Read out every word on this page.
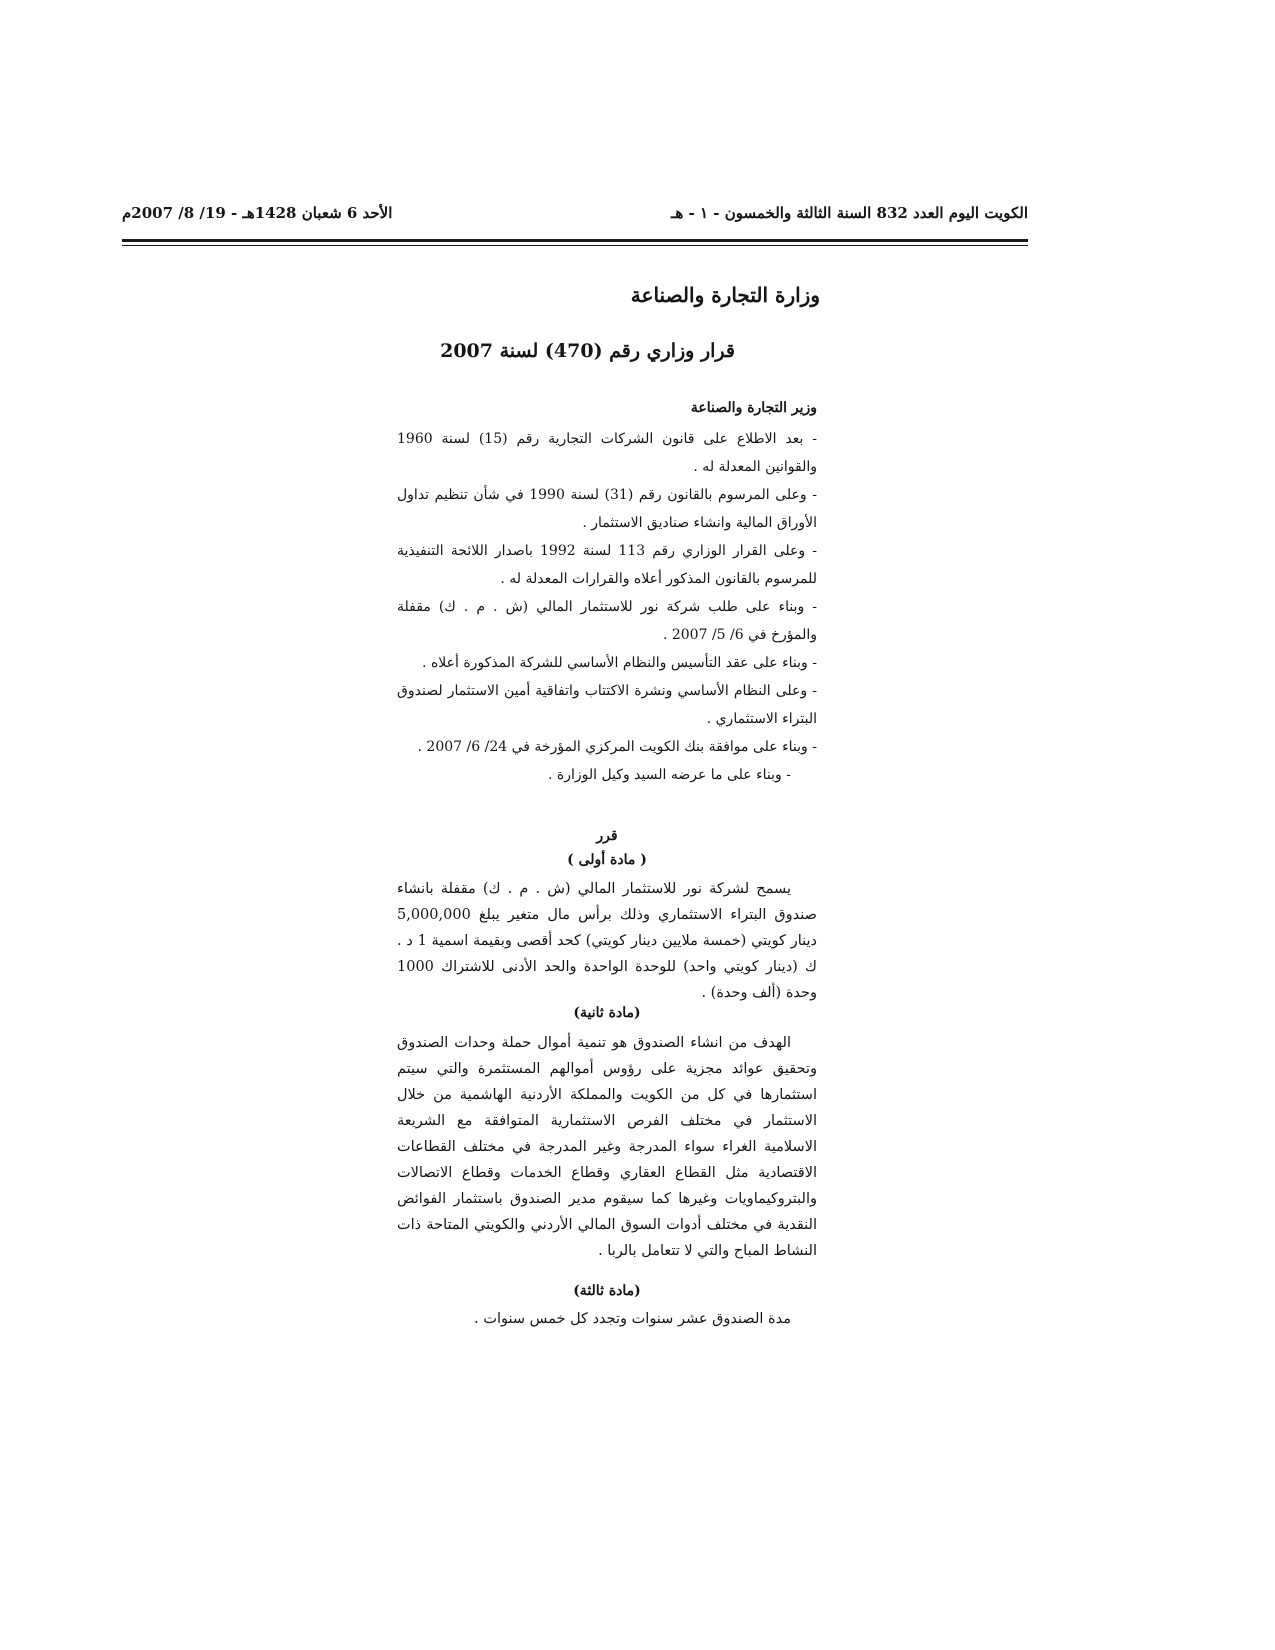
الكويت اليوم العدد 832 السنة الثالثة والخمسون - ١ - هـ
الأحد 6 شعبان 1428هـ - 19/ 8/ 2007م
وزارة التجارة والصناعة
قرار وزاري رقم (470) لسنة 2007
وزير التجارة والصناعة

- بعد الاطلاع على قانون الشركات التجارية رقم (15) لسنة 1960 والقوانين المعدلة له .

- وعلى المرسوم بالقانون رقم (31) لسنة 1990 في شأن تنظيم تداول الأوراق المالية وانشاء صناديق الاستثمار .

- وعلى القرار الوزاري رقم 113 لسنة 1992 باصدار اللائحة التنفيذية للمرسوم بالقانون المذكور أعلاه والقرارات المعدلة له .

- وبناء على طلب شركة نور للاستثمار المالي (ش . م . ك) مقفلة والمؤرخ في 6/ 5/ 2007 .

- وبناء على عقد التأسيس والنظام الأساسي للشركة المذكورة أعلاه .

- وعلى النظام الأساسي ونشرة الاكتتاب واتفاقية أمين الاستثمار لصندوق البتراء الاستثماري .

- وبناء على موافقة بنك الكويت المركزي المؤرخة في 24/ 6/ 2007 .

- وبناء على ما عرضه السيد وكيل الوزارة .

قرر
( مادة أولى )

يسمح لشركة نور للاستثمار المالي (ش . م . ك) مقفلة بانشاء صندوق البتراء الاستثماري وذلك برأس مال متغير يبلغ 5,000,000 دينار كويتي (خمسة ملايين دينار كويتي) كحد أقصى وبقيمة اسمية 1 د . ك (دينار كويتي واحد) للوحدة الواحدة والحد الأدنى للاشتراك 1000 وحدة (ألف وحدة) .

(مادة ثانية)

الهدف من انشاء الصندوق هو تنمية أموال حملة وحدات الصندوق وتحقيق عوائد مجزية على رؤوس أموالهم المستثمرة والتي سيتم استثمارها في كل من الكويت والمملكة الأردنية الهاشمية من خلال الاستثمار في مختلف الفرص الاستثمارية المتوافقة مع الشريعة الاسلامية الغراء سواء المدرجة وغير المدرجة في مختلف القطاعات الاقتصادية مثل القطاع العقاري وقطاع الخدمات وقطاع الاتصالات والبتروكيماويات وغيرها كما سيقوم مدير الصندوق باستثمار الفوائض النقدية في مختلف أدوات السوق المالي الأردني والكويتي المتاحة ذات النشاط المباح والتي لا تتعامل بالربا .

(مادة ثالثة)

مدة الصندوق عشر سنوات وتجدد كل خمس سنوات .
